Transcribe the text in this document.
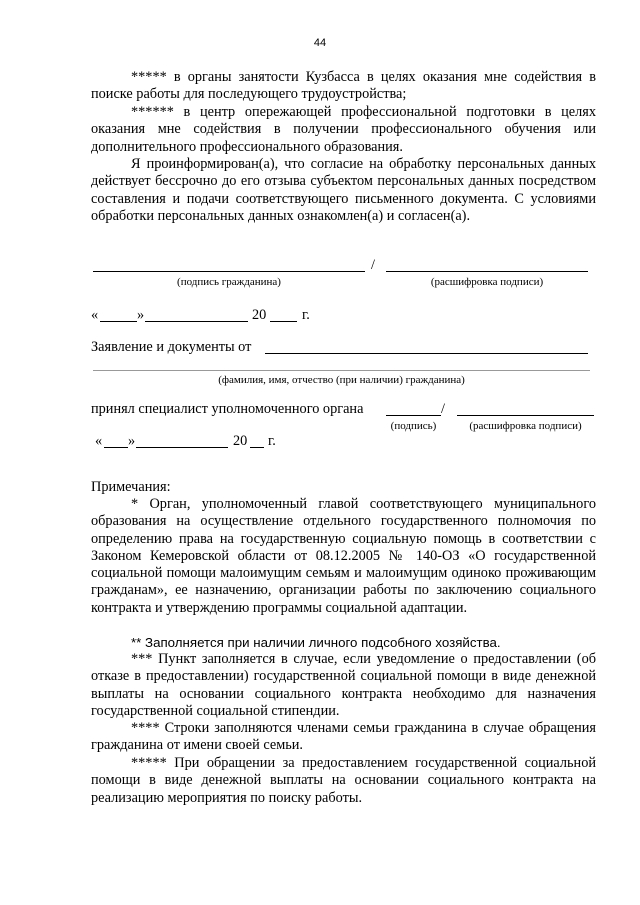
44

***** в органы занятости Кузбасса в целях оказания мне содействия в поиске работы для последующего трудоустройства;

****** в центр опережающей профессиональной подготовки в целях оказания мне содействия в получении профессионального обучения или дополнительного профессионального образования.

Я проинформирован(а), что согласие на обработку персональных данных действует бессрочно до его отзыва субъектом персональных данных посредством составления и подачи соответствующего письменного документа. С условиями обработки персональных данных ознакомлен(а) и согласен(а).

/
(подпись гражданина)	(расшифровка подписи)
«	»	20 г.
Заявление и документы от
(фамилия, имя, отчество (при наличии) гражданина)
принял специалист уполномоченного органа	/
(подпись)	(расшифровка подписи)
« »	20 г.
Примечания:

* Орган, уполномоченный главой соответствующего муниципального образования на осуществление отдельного государственного полномочия по определению права на государственную социальную помощь в соответствии с Законом Кемеровской области от 08.12.2005 № 140-ОЗ «О государственной социальной помощи малоимущим семьям и малоимущим одиноко проживающим гражданам», ее назначению, организации работы по заключению социального контракта и утверждению программы социальной адаптации.

** Заполняется при наличии личного подсобного хозяйства.

*** Пункт заполняется в случае, если уведомление о предоставлении (об отказе в предоставлении) государственной социальной помощи в виде денежной выплаты на основании социального контракта необходимо для назначения государственной социальной стипендии.

**** Строки заполняются членами семьи гражданина в случае обращения гражданина от имени своей семьи.

***** При обращении за предоставлением государственной социальной помощи в виде денежной выплаты на основании социального контракта на реализацию мероприятия по поиску работы.
